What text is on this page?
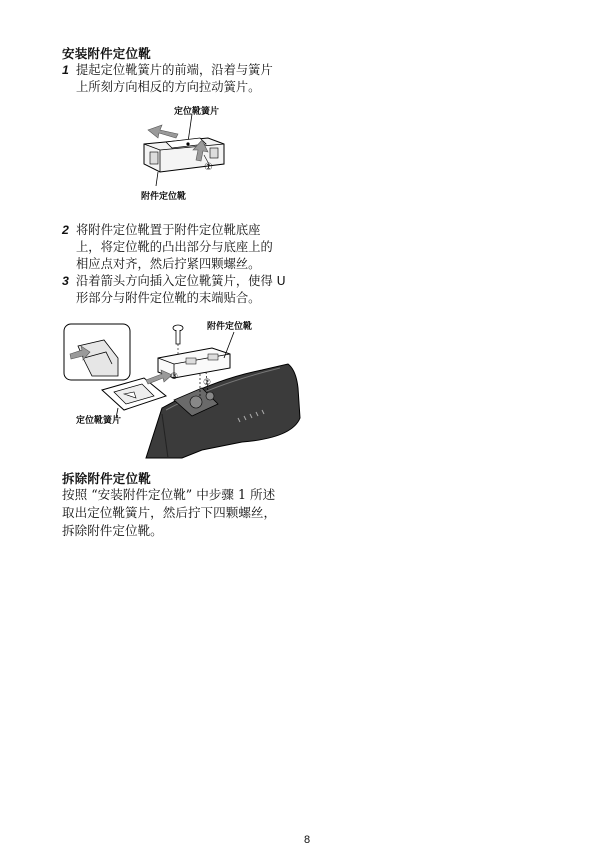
安装附件定位靴
1 提起定位靴簧片的前端，沿着与簧片
上所刻方向相反的方向拉动簧片。
定位靴簧片
①
附件定位靴
2 将附件定位靴置于附件定位靴底座
上，将定位靴的凸出部分与底座上的
相应点对齐，然后拧紧四颗螺丝。
3 沿着箭头方向插入定位靴簧片，使得 U
形部分与附件定位靴的末端贴合。
附件定位靴
③
②
定位靴簧片
拆除附件定位靴
按照 “安装附件定位靴” 中步骤 1 所述
取出定位靴簧片，然后拧下四颗螺丝，
拆除附件定位靴。
8
